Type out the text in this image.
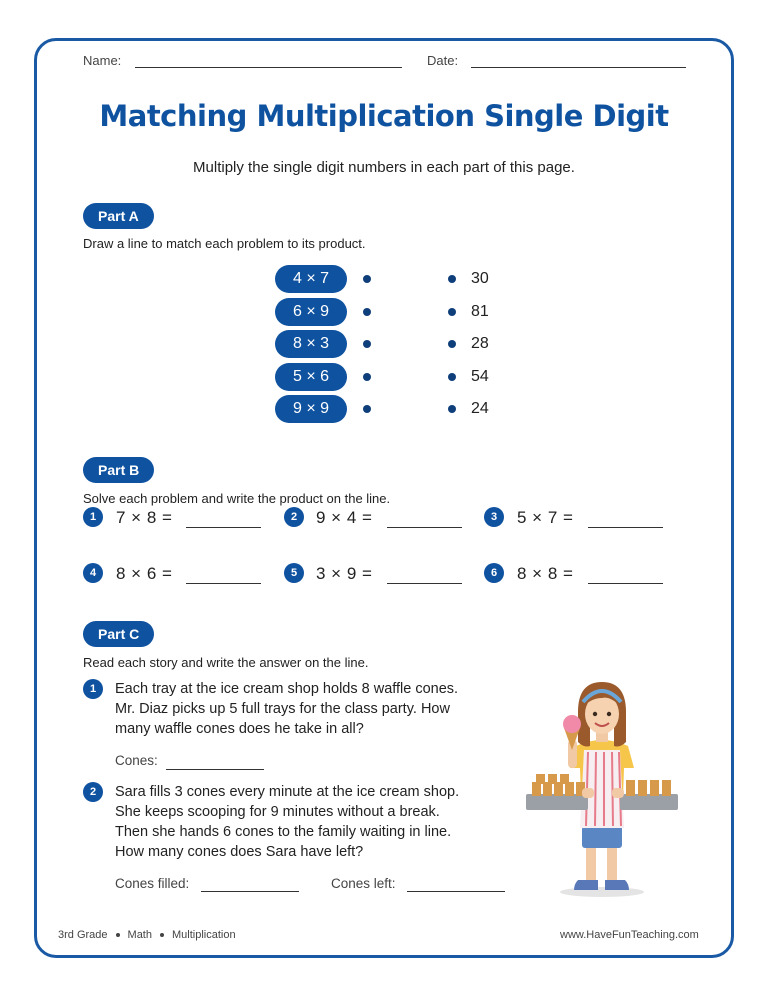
Name:	Date:
Matching Multiplication Single Digit
Multiply the single digit numbers in each part of this page.
Part A
Draw a line to match each problem to its product.
4 × 7
6 × 9
8 × 3
5 × 6
9 × 9
30
81
28
54
24
Part B
Solve each problem and write the product on the line.
1	7 × 8 =	2	9 × 4 =	3	5 × 7 =
4	8 × 6 =	5	3 × 9 =	6	8 × 8 =
Part C
Read each story and write the answer on the line.
1	Each tray at the ice cream shop holds 8 waffle cones.
Mr. Diaz picks up 5 full trays for the class party. How
many waffle cones does he take in all?
Cones:
2	Sara fills 3 cones every minute at the ice cream shop.
She keeps scooping for 9 minutes without a break.
Then she hands 6 cones to the family waiting in line.
How many cones does Sara have left?
Cones filled:	Cones left:
3rd Grade Math Multiplication	www.HaveFunTeaching.com
